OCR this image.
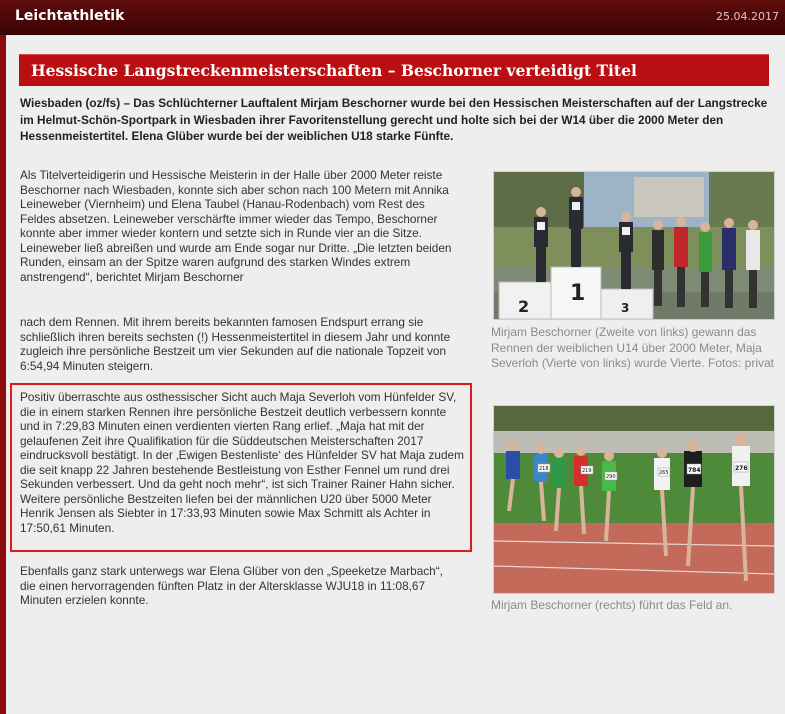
Leichtathletik	25.04.2017
Hessische Langstreckenmeisterschaften – Beschorner verteidigt Titel
Wiesbaden (oz/fs) – Das Schlüchterner Lauftalent Mirjam Beschorner wurde bei den Hessischen Meisterschaften auf der Langstrecke im Helmut-Schön-Sportpark in Wiesbaden ihrer Favoritenstellung gerecht und holte sich bei der W14 über die 2000 Meter den Hessenmeistertitel. Elena Glüber wurde bei der weiblichen U18 starke Fünfte.
Als Titelverteidigerin und Hessische Meisterin in der Halle über 2000 Meter reiste Beschorner nach Wiesbaden, konnte sich aber schon nach 100 Metern mit Annika Leineweber (Viernheim) und Elena Taubel (Hanau-Rodenbach) vom Rest des Feldes absetzen. Leineweber verschärfte immer wieder das Tempo, Beschorner konnte aber immer wieder kontern und setzte sich in Runde vier an die Sitze. Leineweber ließ abreißen und wurde am Ende sogar nur Dritte. „Die letzten beiden Runden, einsam an der Spitze waren aufgrund des starken Windes extrem anstrengend“, berichtet Mirjam Beschorner
nach dem Rennen. Mit ihrem bereits bekannten famosen Endspurt errang sie schließlich ihren bereits sechsten (!) Hessenmeistertitel in diesem Jahr und konnte zugleich ihre persönliche Bestzeit um vier Sekunden auf die nationale Topzeit von 6:54,94 Minuten steigern.
Positiv überraschte aus osthessischer Sicht auch Maja Severloh vom Hünfelder SV, die in einem starken Rennen ihre persönliche Bestzeit deutlich verbessern konnte und in 7:29,83 Minuten einen verdienten vierten Rang erlief. „Maja hat mit der gelaufenen Zeit ihre Qualifikation für die Süddeutschen Meisterschaften 2017 eindrucksvoll bestätigt. In der ‚Ewigen Bestenliste‘ des Hünfelder SV hat Maja zudem die seit knapp 22 Jahren bestehende Bestleistung von Esther Fennel um rund drei Sekunden verbessert. Und da geht noch mehr“, ist sich Trainer Rainer Hahn sicher. Weitere persönliche Bestzeiten liefen bei der männlichen U20 über 5000 Meter Henrik Jensen als Siebter in 17:33,93 Minuten sowie Max Schmitt als Achter in 17:50,61 Minuten.
Ebenfalls ganz stark unterwegs war Elena Glüber von den „Speeketze Marbach“, die einen hervorragenden fünften Platz in der Altersklasse WJU18 in 11:08,67 Minuten erzielen konnte.
2
1
3
Mirjam Beschorner (Zweite von links) gewann das Rennen der weiblichen U14 über 2000 Meter, Maja Severloh (Vierte von links) wurde Vierte. Fotos: privat
784	276
290
219
218
265
Mirjam Beschorner (rechts) führt das Feld an.
